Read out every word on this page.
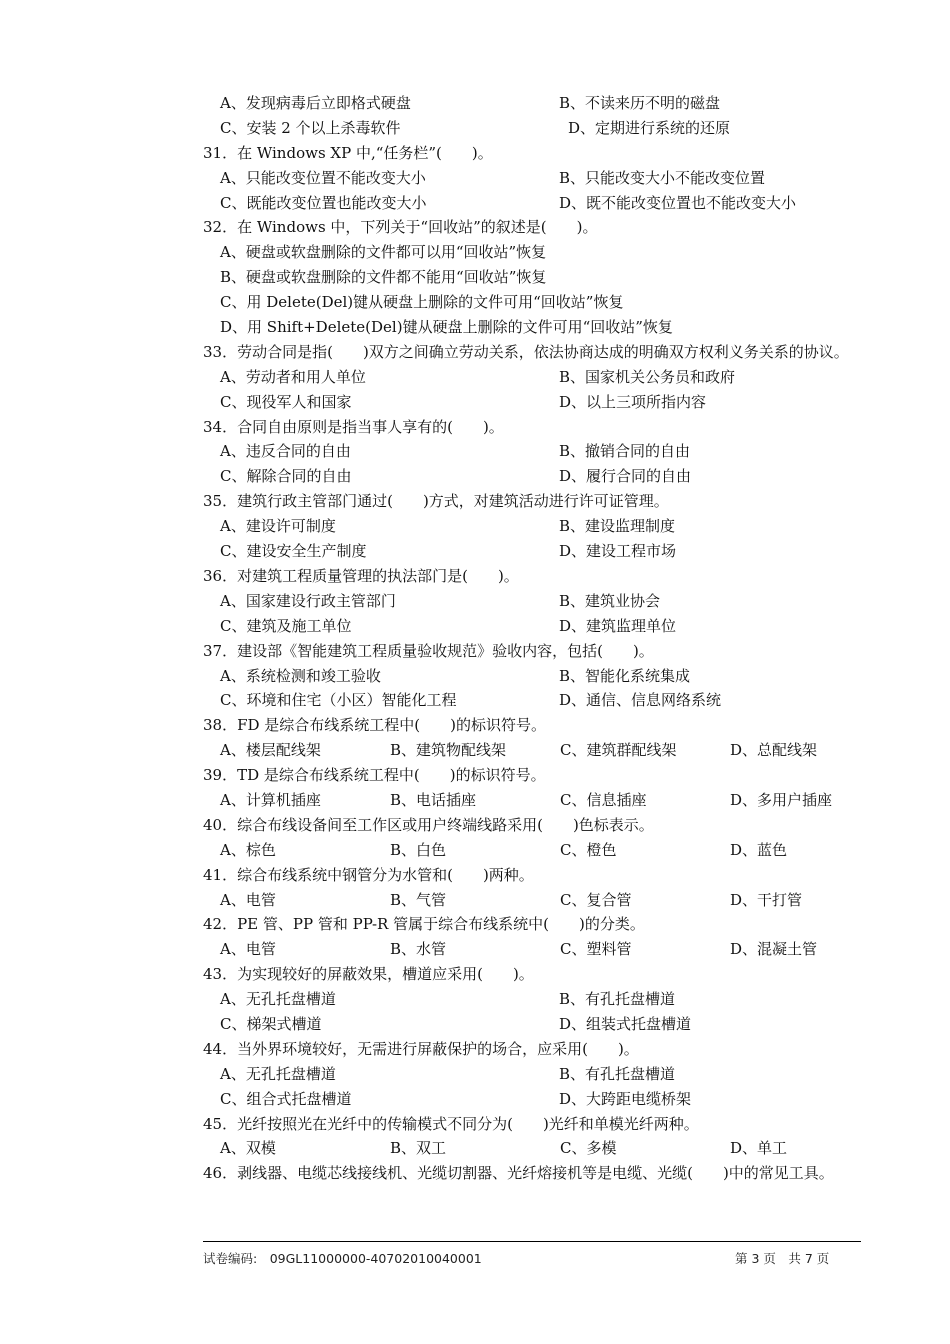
A、发现病毒后立即格式硬盘	B、不读来历不明的磁盘
C、安装 2 个以上杀毒软件	D、定期进行系统的还原
31．在 Windows XP 中,“任务栏”(　　)。
A、只能改变位置不能改变大小	B、只能改变大小不能改变位置
C、既能改变位置也能改变大小	D、既不能改变位置也不能改变大小
32．在 Windows 中，下列关于“回收站”的叙述是(　　)。
A、硬盘或软盘删除的文件都可以用“回收站”恢复
B、硬盘或软盘删除的文件都不能用“回收站”恢复
C、用 Delete(Del)键从硬盘上删除的文件可用“回收站”恢复
D、用 Shift+Delete(Del)键从硬盘上删除的文件可用“回收站”恢复
33．劳动合同是指(　　)双方之间确立劳动关系，依法协商达成的明确双方权利义务关系的协议。
A、劳动者和用人单位	B、国家机关公务员和政府
C、现役军人和国家	D、以上三项所指内容
34．合同自由原则是指当事人享有的(　　)。
A、违反合同的自由	B、撤销合同的自由
C、解除合同的自由	D、履行合同的自由
35．建筑行政主管部门通过(　　)方式，对建筑活动进行许可证管理。
A、建设许可制度	B、建设监理制度
C、建设安全生产制度	D、建设工程市场
36．对建筑工程质量管理的执法部门是(　　)。
A、国家建设行政主管部门	B、建筑业协会
C、建筑及施工单位	D、建筑监理单位
37．建设部《智能建筑工程质量验收规范》验收内容，包括(　　)。
A、系统检测和竣工验收	B、智能化系统集成
C、环境和住宅（小区）智能化工程	D、通信、信息网络系统
38．FD 是综合布线系统工程中(　　)的标识符号。
A、楼层配线架	B、建筑物配线架	C、建筑群配线架	D、总配线架
39．TD 是综合布线系统工程中(　　)的标识符号。
A、计算机插座	B、电话插座	C、信息插座	D、多用户插座
40．综合布线设备间至工作区或用户终端线路采用(　　)色标表示。
A、棕色	B、白色	C、橙色	D、蓝色
41．综合布线系统中钢管分为水管和(　　)两种。
A、电管	B、气管	C、复合管	D、干打管
42．PE 管、PP 管和 PP-R 管属于综合布线系统中(　　)的分类。
A、电管	B、水管	C、塑料管	D、混凝土管
43．为实现较好的屏蔽效果，槽道应采用(　　)。
A、无孔托盘槽道	B、有孔托盘槽道
C、梯架式槽道	D、组装式托盘槽道
44．当外界环境较好，无需进行屏蔽保护的场合，应采用(　　)。
A、无孔托盘槽道	B、有孔托盘槽道
C、组合式托盘槽道	D、大跨距电缆桥架
45．光纤按照光在光纤中的传输模式不同分为(　　)光纤和单模光纤两种。
A、双模	B、双工	C、多模	D、单工
46．剥线器、电缆芯线接线机、光缆切割器、光纤熔接机等是电缆、光缆(　　)中的常见工具。
试卷编码:　09GL11000000-40702010040001	第 3 页　共 7 页
